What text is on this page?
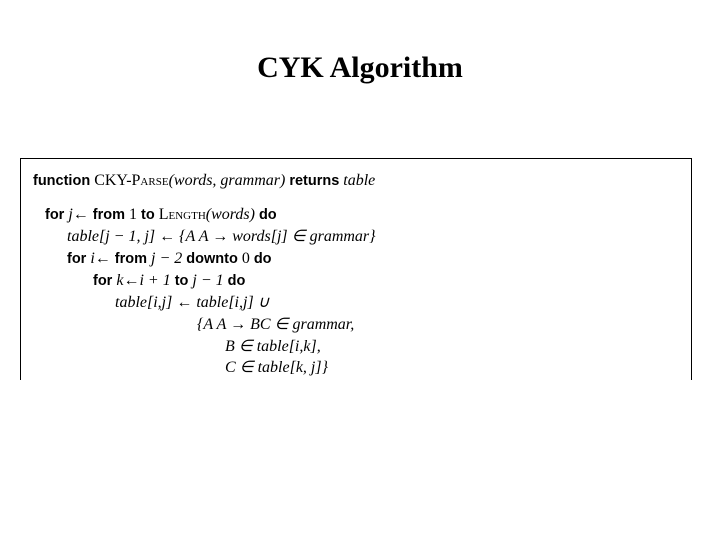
CYK Algorithm
function CKY-Parse(words, grammar) returns table
for j← from 1 to Length(words) do
table[j − 1, j] ← {A A → words[j] ∈ grammar}
for i← from j − 2 downto 0 do
for k←i + 1 to j − 1 do
table[i,j] ← table[i,j] ∪
{A A → BC ∈ grammar,
B ∈ table[i,k],
C ∈ table[k, j]}
